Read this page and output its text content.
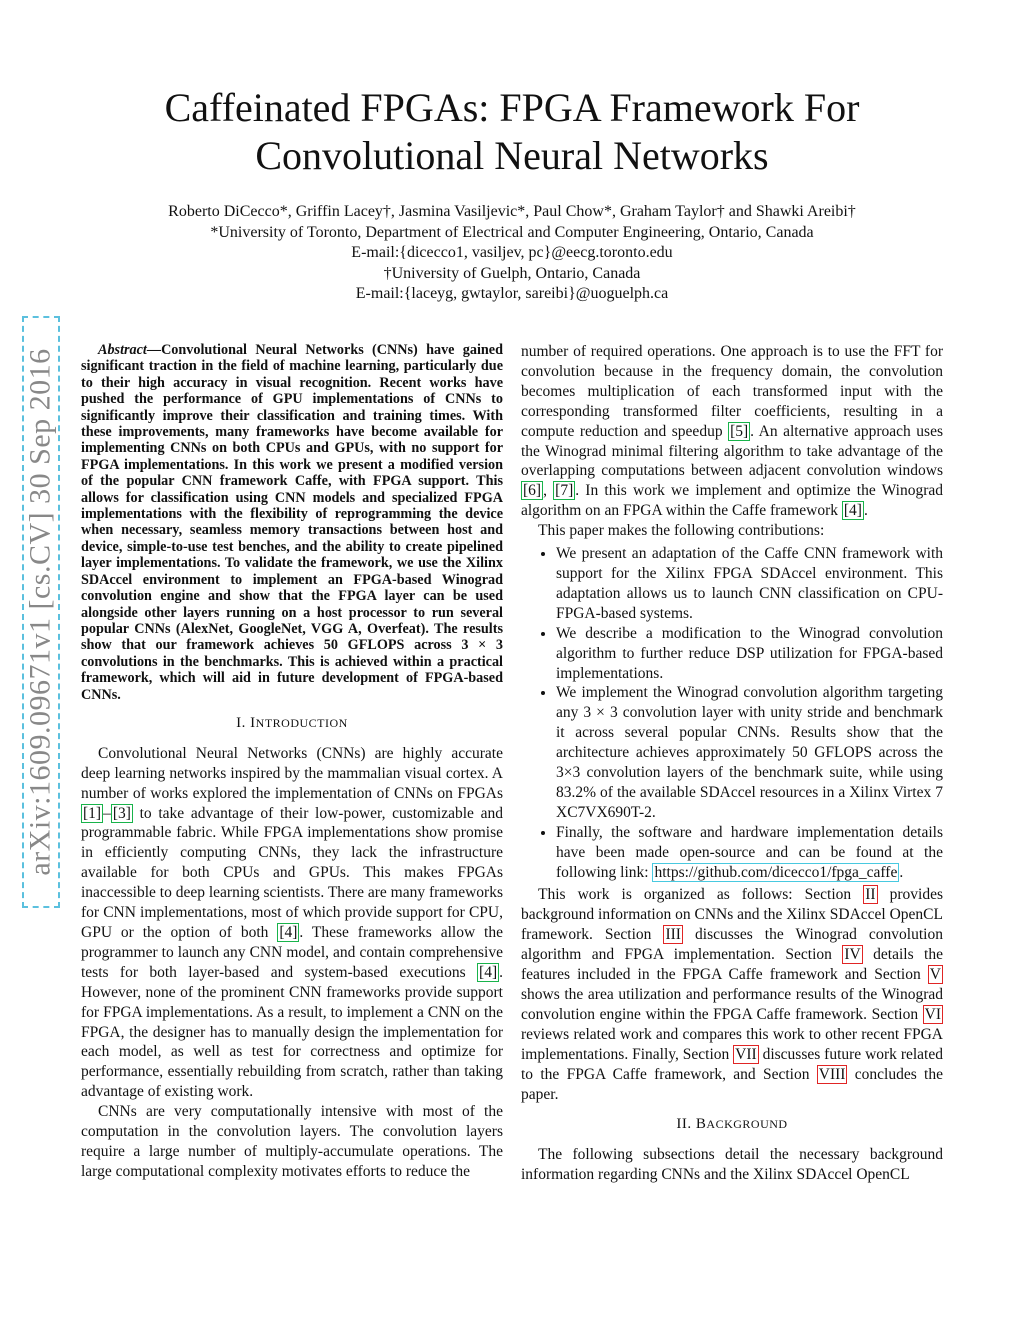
arXiv:1609.09671v1 [cs.CV] 30 Sep 2016
Caffeinated FPGAs: FPGA Framework For
Convolutional Neural Networks
Roberto DiCecco*, Griffin Lacey†, Jasmina Vasiljevic*, Paul Chow*, Graham Taylor† and Shawki Areibi†
*University of Toronto, Department of Electrical and Computer Engineering, Ontario, Canada
E-mail:{dicecco1, vasiljev, pc}@eecg.toronto.edu
†University of Guelph, Ontario, Canada
E-mail:{laceyg, gwtaylor, sareibi}@uoguelph.ca

Abstract—Convolutional Neural Networks (CNNs) have gained significant traction in the field of machine learning, particularly due to their high accuracy in visual recognition. Recent works have pushed the performance of GPU implementations of CNNs to significantly improve their classification and training times. With these improvements, many frameworks have become available for implementing CNNs on both CPUs and GPUs, with no support for FPGA implementations. In this work we present a modified version of the popular CNN framework Caffe, with FPGA support. This allows for classification using CNN models and specialized FPGA implementations with the flexibility of reprogramming the device when necessary, seamless memory transactions between host and device, simple-to-use test benches, and the ability to create pipelined layer implementations. To validate the framework, we use the Xilinx SDAccel environment to implement an FPGA-based Winograd convolution engine and show that the FPGA layer can be used alongside other layers running on a host processor to run several popular CNNs (AlexNet, GoogleNet, VGG A, Overfeat). The results show that our framework achieves 50 GFLOPS across 3 × 3 convolutions in the benchmarks. This is achieved within a practical framework, which will aid in future development of FPGA-based CNNs.

I. INTRODUCTION

Convolutional Neural Networks (CNNs) are highly accurate deep learning networks inspired by the mammalian visual cortex. A number of works explored the implementation of CNNs on FPGAs [1] – [3] to take advantage of their low-power, customizable and programmable fabric. While FPGA implementations show promise in efficiently computing CNNs, they lack the infrastructure available for both CPUs and GPUs. This makes FPGAs inaccessible to deep learning scientists. There are many frameworks for CNN implementations, most of which provide support for CPU, GPU or the option of both [4] . These frameworks allow the programmer to launch any CNN model, and contain comprehensive tests for both layer-based and system-based executions [4] . However, none of the prominent CNN frameworks provide support for FPGA implementations. As a result, to implement a CNN on the FPGA, the designer has to manually design the implementation for each model, as well as test for correctness and optimize for performance, essentially rebuilding from scratch, rather than taking advantage of existing work.

CNNs are very computationally intensive with most of the computation in the convolution layers. The convolution layers require a large number of multiply-accumulate operations. The large computational complexity motivates efforts to reduce the

number of required operations. One approach is to use the FFT for convolution because in the frequency domain, the convolution becomes multiplication of each transformed input with the corresponding transformed filter coefficients, resulting in a compute reduction and speedup [5] . An alternative approach uses the Winograd minimal filtering algorithm to take advantage of the overlapping computations between adjacent convolution windows [6] , [7] . In this work we implement and optimize the Winograd algorithm on an FPGA within the Caffe framework [4] .

This paper makes the following contributions:

• We present an adaptation of the Caffe CNN framework with support for the Xilinx FPGA SDAccel environment. This adaptation allows us to launch CNN classification on CPU-FPGA-based systems.
• We describe a modification to the Winograd convolution algorithm to further reduce DSP utilization for FPGA-based implementations.
• We implement the Winograd convolution algorithm targeting any 3 × 3 convolution layer with unity stride and benchmark it across several popular CNNs. Results show that the architecture achieves approximately 50 GFLOPS across the 3×3 convolution layers of the benchmark suite, while using 83.2% of the available SDAccel resources in a Xilinx Virtex 7 XC7VX690T-2.
• Finally, the software and hardware implementation details have been made open-source and can be found at the following link: https://github.com/dicecco1/fpga_caffe .

This work is organized as follows: Section II provides background information on CNNs and the Xilinx SDAccel OpenCL framework. Section III discusses the Winograd convolution algorithm and FPGA implementation. Section IV details the features included in the FPGA Caffe framework and Section V shows the area utilization and performance results of the Winograd convolution engine within the FPGA Caffe framework. Section VI reviews related work and compares this work to other recent FPGA implementations. Finally, Section VII discusses future work related to the FPGA Caffe framework, and Section VIII concludes the paper.

II. BACKGROUND

The following subsections detail the necessary background information regarding CNNs and the Xilinx SDAccel OpenCL
